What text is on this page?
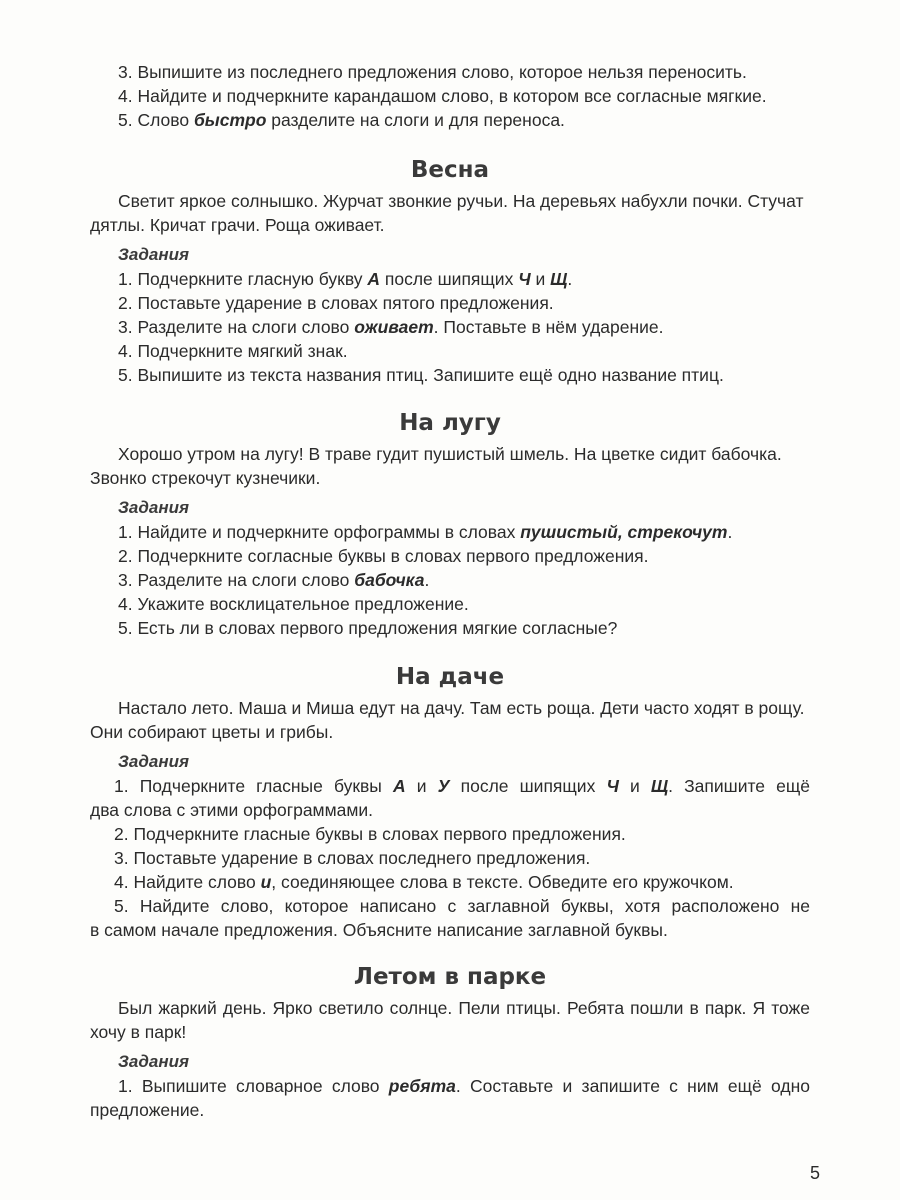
3. Выпишите из последнего предложения слово, которое нельзя переносить.
4. Найдите и подчеркните карандашом слово, в котором все согласные мягкие.
5. Слово быстро разделите на слоги и для переноса.
Весна
Светит яркое солнышко. Журчат звонкие ручьи. На деревьях набухли почки. Стучат
дятлы. Кричат грачи. Роща оживает.
Задания
1. Подчеркните гласную букву А после шипящих Ч и Щ.
2. Поставьте ударение в словах пятого предложения.
3. Разделите на слоги слово оживает. Поставьте в нём ударение.
4. Подчеркните мягкий знак.
5. Выпишите из текста названия птиц. Запишите ещё одно название птиц.
На лугу
Хорошо утром на лугу! В траве гудит пушистый шмель. На цветке сидит бабочка.
Звонко стрекочут кузнечики.
Задания
1. Найдите и подчеркните орфограммы в словах пушистый, стрекочут.
2. Подчеркните согласные буквы в словах первого предложения.
3. Разделите на слоги слово бабочка.
4. Укажите восклицательное предложение.
5. Есть ли в словах первого предложения мягкие согласные?
На даче
Настало лето. Маша и Миша едут на дачу. Там есть роща. Дети часто ходят в рощу.
Они собирают цветы и грибы.
Задания
1. Подчеркните гласные буквы А и У после шипящих Ч и Щ. Запишите ещё
два слова с этими орфограммами.
2. Подчеркните гласные буквы в словах первого предложения.
3. Поставьте ударение в словах последнего предложения.
4. Найдите слово и, соединяющее слова в тексте. Обведите его кружочком.
5. Найдите слово, которое написано с заглавной буквы, хотя расположено не
в самом начале предложения. Объясните написание заглавной буквы.
Летом в парке
Был жаркий день. Ярко светило солнце. Пели птицы. Ребята пошли в парк. Я тоже
хочу в парк!
Задания
1. Выпишите словарное слово ребята. Составьте и запишите с ним ещё одно
предложение.
5
